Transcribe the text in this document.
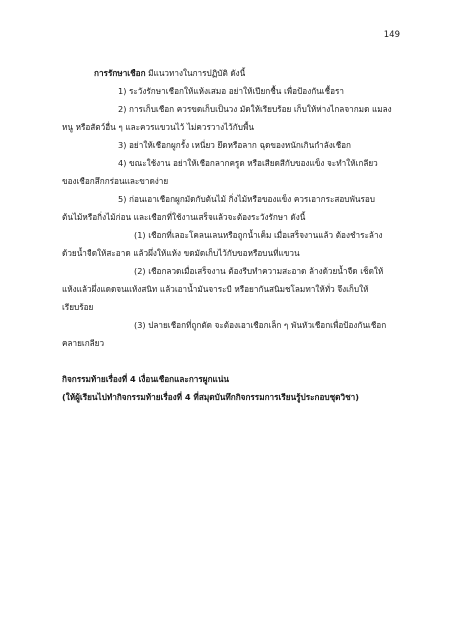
149
การรักษาเชือก มีแนวทางในการปฏิบัติ ดังนี้
1) ระวังรักษาเชือกให้แห้งเสมอ อย่าให้เปียกชื้น เพื่อป้องกันเชื้อรา
2) การเก็บเชือก ควรขดเก็บเป็นวง มัดให้เรียบร้อย เก็บให้ห่างไกลจากมด แมลง
หนู หรือสัตว์อื่น ๆ และควรแขวนไว้ ไม่ควรวางไว้กับพื้น
3) อย่าให้เชือกผูกรั้ง เหนี่ยว ยึดหรือลาก ฉุดของหนักเกินกำลังเชือก
4) ขณะใช้งาน อย่าให้เชือกลากครูด หรือเสียดสีกับของแข็ง จะทำให้เกลียว
ของเชือกสึกกร่อนและขาดง่าย
5) ก่อนเอาเชือกผูกมัดกับต้นไม้ กิ่งไม้หรือของแข็ง ควรเอากระสอบพันรอบ
ต้นไม้หรือกิ่งไม้ก่อน และเชือกที่ใช้งานเสร็จแล้วจะต้องระวังรักษา ดังนี้
(1) เชือกที่เลอะโคลนเลนหรือถูกน้ำเค็ม เมื่อเสร็จงานแล้ว ต้องชำระล้าง
ด้วยน้ำจืดให้สะอาด แล้วผึ่งให้แห้ง ขดมัดเก็บไว้กับขอหรือบนที่แขวน
(2) เชือกลวดเมื่อเสร็จงาน ต้องรีบทำความสะอาด ล้างด้วยน้ำจืด เช็ดให้
แห้งแล้วผึ่งแดดจนแห้งสนิท แล้วเอาน้ำมันจาระบี หรือยากันสนิมชโลมทาให้ทั่ว จึงเก็บให้
เรียบร้อย
(3) ปลายเชือกที่ถูกตัด จะต้องเอาเชือกเล็ก ๆ พันหัวเชือกเพื่อป้องกันเชือก
คลายเกลียว
กิจกรรมท้ายเรื่องที่ 4 เงื่อนเชือกและการผูกแน่น
(ให้ผู้เรียนไปทำกิจกรรมท้ายเรื่องที่ 4 ที่สมุดบันทึกกิจกรรมการเรียนรู้ประกอบชุดวิชา)
